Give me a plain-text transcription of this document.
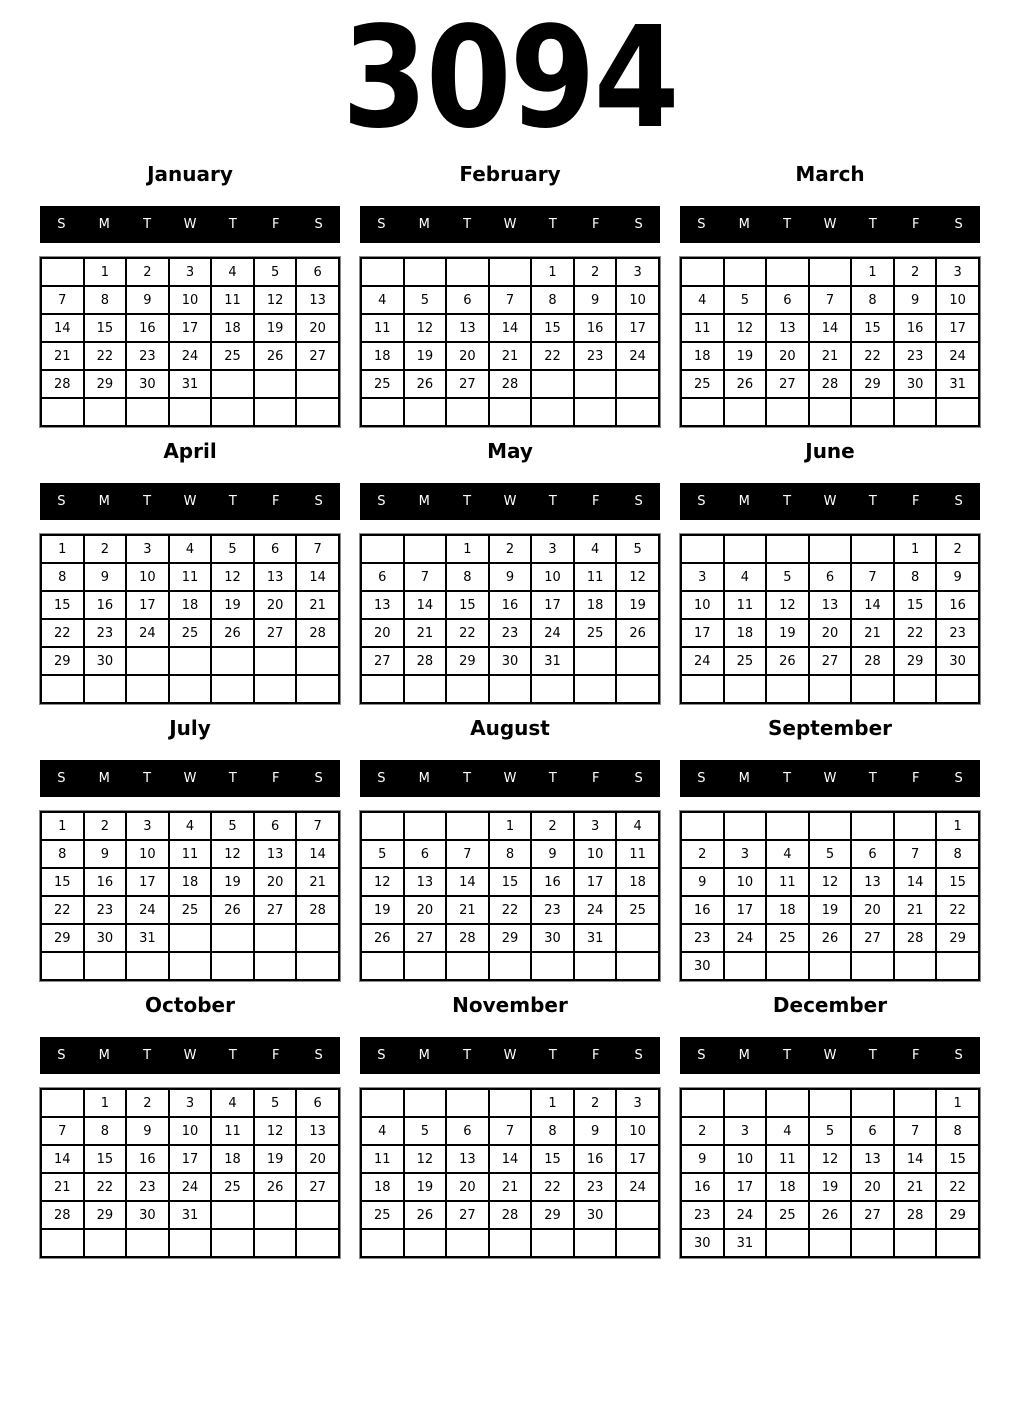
3094
January
S	M	T	W	T	F	S
	1	2	3	4	5	6
7	8	9	10	11	12	13
14	15	16	17	18	19	20
21	22	23	24	25	26	27
28	29	30	31			

February
S	M	T	W	T	F	S
				1	2	3
4	5	6	7	8	9	10
11	12	13	14	15	16	17
18	19	20	21	22	23	24
25	26	27	28			

March
S	M	T	W	T	F	S
				1	2	3
4	5	6	7	8	9	10
11	12	13	14	15	16	17
18	19	20	21	22	23	24
25	26	27	28	29	30	31

April
S	M	T	W	T	F	S
1	2	3	4	5	6	7
8	9	10	11	12	13	14
15	16	17	18	19	20	21
22	23	24	25	26	27	28
29	30					

May
S	M	T	W	T	F	S
		1	2	3	4	5
6	7	8	9	10	11	12
13	14	15	16	17	18	19
20	21	22	23	24	25	26
27	28	29	30	31		

June
S	M	T	W	T	F	S
					1	2
3	4	5	6	7	8	9
10	11	12	13	14	15	16
17	18	19	20	21	22	23
24	25	26	27	28	29	30

July
S	M	T	W	T	F	S
1	2	3	4	5	6	7
8	9	10	11	12	13	14
15	16	17	18	19	20	21
22	23	24	25	26	27	28
29	30	31				

August
S	M	T	W	T	F	S
			1	2	3	4
5	6	7	8	9	10	11
12	13	14	15	16	17	18
19	20	21	22	23	24	25
26	27	28	29	30	31	

September
S	M	T	W	T	F	S
						1
2	3	4	5	6	7	8
9	10	11	12	13	14	15
16	17	18	19	20	21	22
23	24	25	26	27	28	29
30						
October
S	M	T	W	T	F	S
	1	2	3	4	5	6
7	8	9	10	11	12	13
14	15	16	17	18	19	20
21	22	23	24	25	26	27
28	29	30	31			

November
S	M	T	W	T	F	S
				1	2	3
4	5	6	7	8	9	10
11	12	13	14	15	16	17
18	19	20	21	22	23	24
25	26	27	28	29	30	

December
S	M	T	W	T	F	S
						1
2	3	4	5	6	7	8
9	10	11	12	13	14	15
16	17	18	19	20	21	22
23	24	25	26	27	28	29
30	31					
